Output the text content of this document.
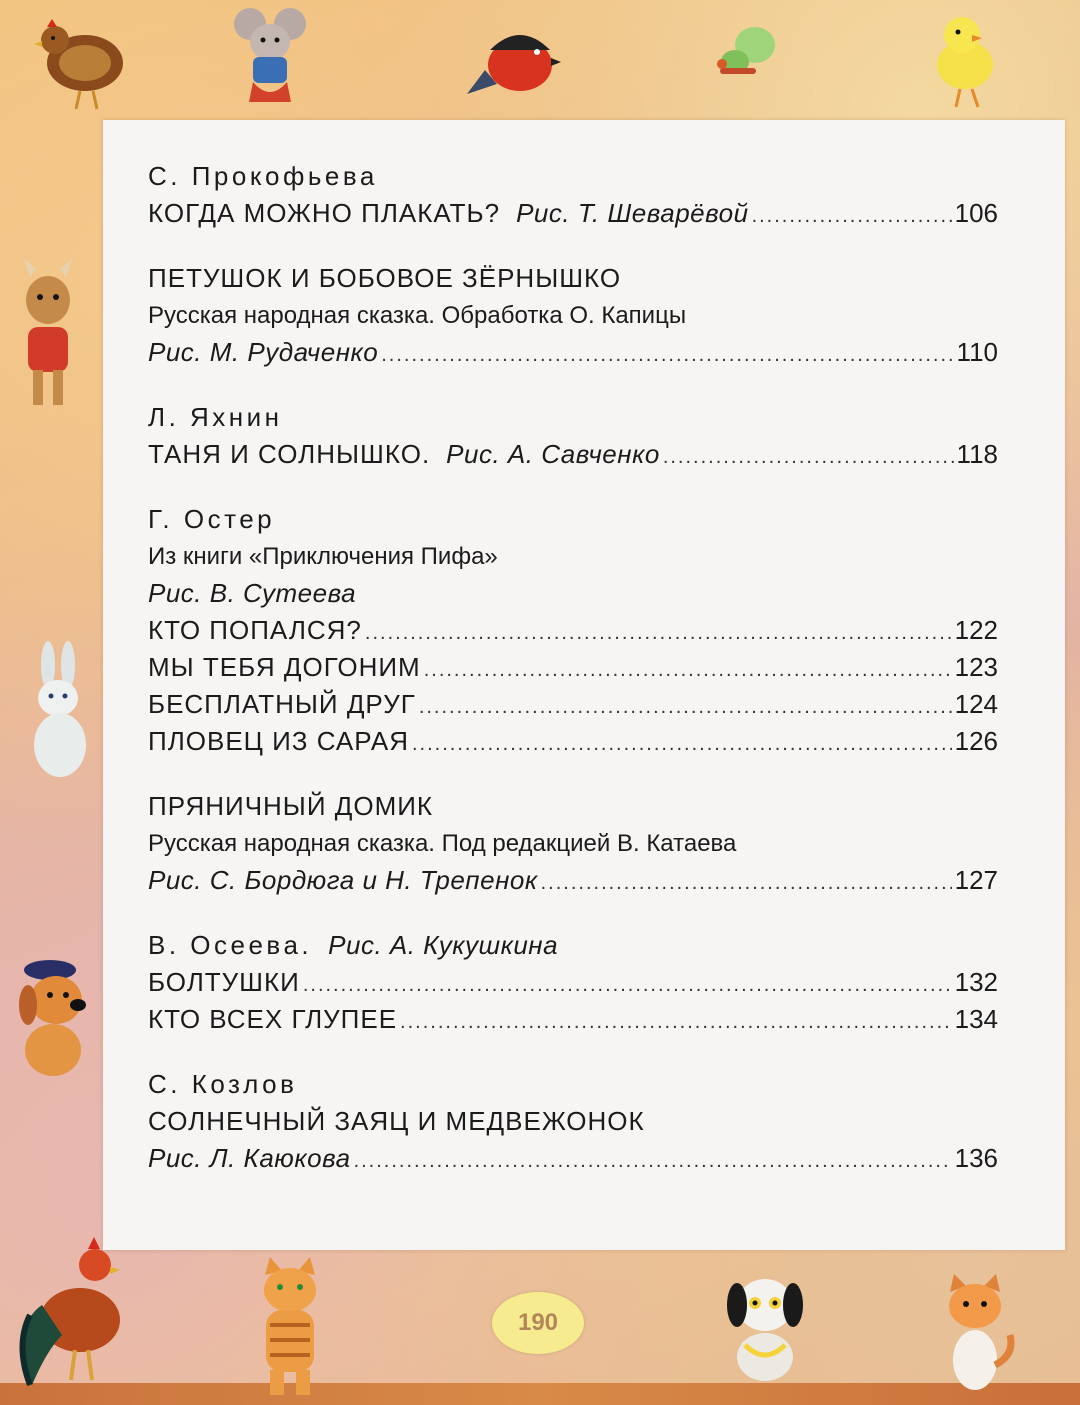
С. Прокофьева
КОГДА МОЖНО ПЛАКАТЬ? Рис. Т. Шеварёвой .....	106
ПЕТУШОК И БОБОВОЕ ЗЁРНЫШКО
Русская народная сказка. Обработка О. Капицы
Рис. М. Рудаченко .....	110
Л. Яхнин
ТАНЯ И СОЛНЫШКО. Рис. А. Савченко .....	118
Г. Остер
Из книги «Приключения Пифа»
Рис. В. Сутеева
КТО ПОПАЛСЯ? .....	122
МЫ ТЕБЯ ДОГОНИМ .....	123
БЕСПЛАТНЫЙ ДРУГ .....	124
ПЛОВЕЦ ИЗ САРАЯ .....	126
ПРЯНИЧНЫЙ ДОМИК
Русская народная сказка. Под редакцией В. Катаева
Рис. С. Бордюга и Н. Трепенок .....	127
В. Осеева. Рис. А. Кукушкина
БОЛТУШКИ .....	132
КТО ВСЕХ ГЛУПЕЕ .....	134
С. Козлов
СОЛНЕЧНЫЙ ЗАЯЦ И МЕДВЕЖОНОК
Рис. Л. Каюкова .....	136
190
